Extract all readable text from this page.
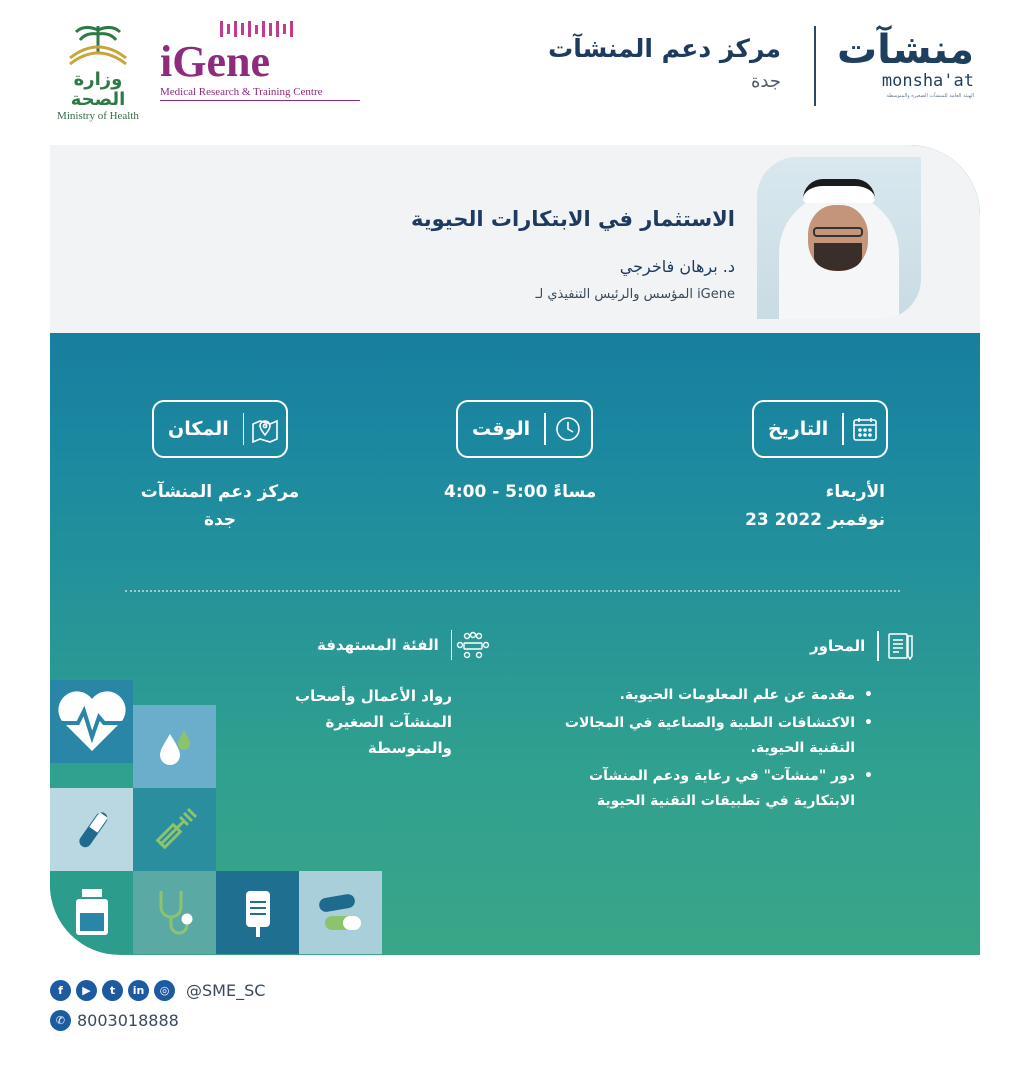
منشآت
monsha'at
الهيئة العامة للمنشآت الصغيرة والمتوسطة
مركز دعم المنشآت
جدة
iGene
Medical Research & Training Centre
وزارة الصحة
Ministry of Health
الاستثمار في الابتكارات الحيوية
د. برهان فاخرجي
المؤسس والرئيس التنفيذي لـ iGene
التاريخ
الأربعاء
23 نوفمبر 2022
الوقت
4:00 - 5:00 مساءً
المكان
مركز دعم المنشآت
جدة
المحاور
• مقدمة عن علم المعلومات الحيوية.
• الاكتشافات الطبية والصناعية في المجالات التقنية الحيوية.
• دور "منشآت" في رعاية ودعم المنشآت الابتكارية في تطبيقات التقنية الحيوية
الفئة المستهدفة
رواد الأعمال وأصحاب المنشآت الصغيرة والمتوسطة
f	▶	t	in	◎	@SME_SC
✆ 8003018888
